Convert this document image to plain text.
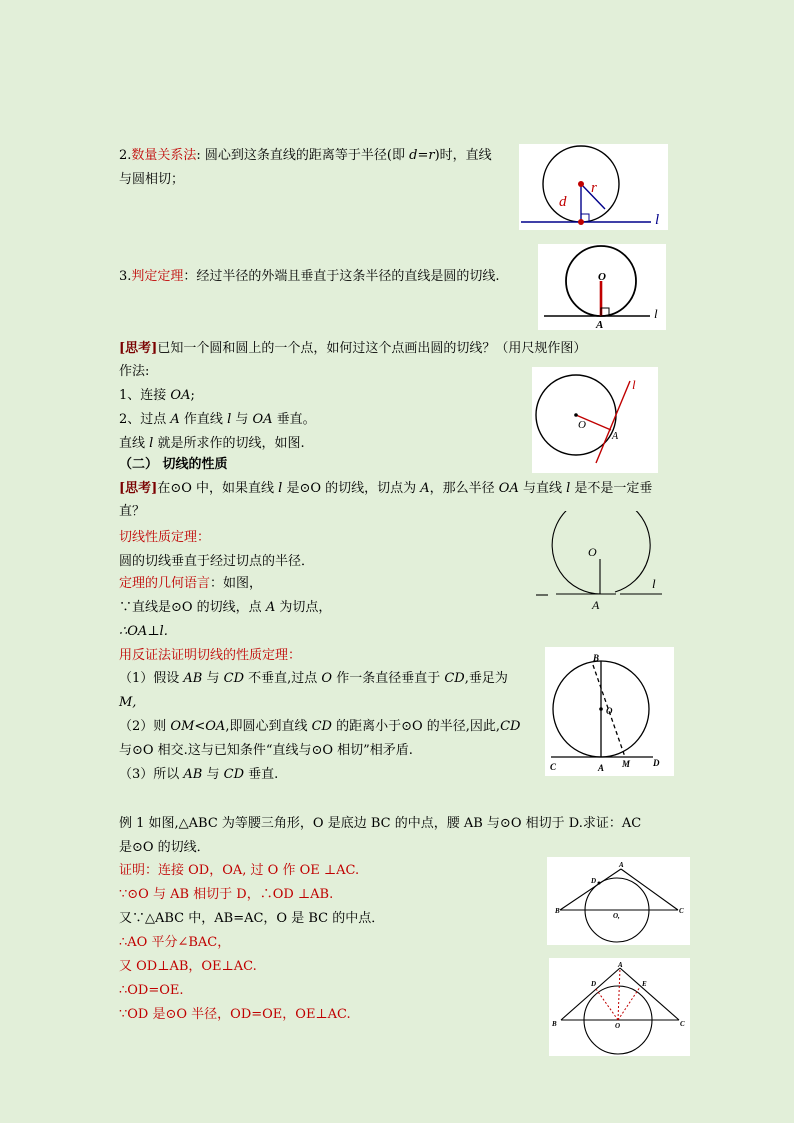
2.数量关系法: 圆心到这条直线的距离等于半径(即 d=r)时，直线
与圆相切；
d
r
l
3.判定定理：经过半径的外端且垂直于这条半径的直线是圆的切线.	O
A
l
[思考]已知一个圆和圆上的一个点，如何过这个点画出圆的切线？（用尺规作图）
作法:
1、连接 OA;
2、过点 A 作直线 l 与 OA 垂直。
直线 l 就是所求作的切线，如图.
（二） 切线的性质
O
A
l
[思考]在⊙O 中，如果直线 l 是⊙O 的切线，切点为 A，那么半径 OA 与直线 l 是不是一定垂
直？
切线性质定理：
圆的切线垂直于经过切点的半径．
定理的几何语言：如图，
∵直线是⊙O 的切线，点 A 为切点，
∴OA⊥l.
O
A
l
用反证法证明切线的性质定理：
（1）假设 AB 与 CD 不垂直,过点 O 作一条直径垂直于 CD,垂足为
M,
（2）则 OM<OA,即圆心到直线 CD 的距离小于⊙O 的半径,因此,CD
与⊙O 相交.这与已知条件“直线与⊙O 相切”相矛盾.
（3）所以 AB 与 CD 垂直.
B
O
C	A M	D
例 1 如图,△ABC 为等腰三角形，O 是底边 BC 的中点，腰 AB 与⊙O 相切于 D.求证：AC
是⊙O 的切线．
证明：连接 OD，OA, 过 O 作 OE ⊥AC.
∵⊙O 与 AB 相切于 D，∴OD ⊥AB.
又∵△ABC 中，AB=AC，O 是 BC 的中点．
∴AO 平分∠BAC，
又 OD⊥AB，OE⊥AC.
∴OD=OE.
∵OD 是⊙O 半径，OD=OE，OE⊥AC.
A
D
B
O,
C
A
D	E
B	O	C
